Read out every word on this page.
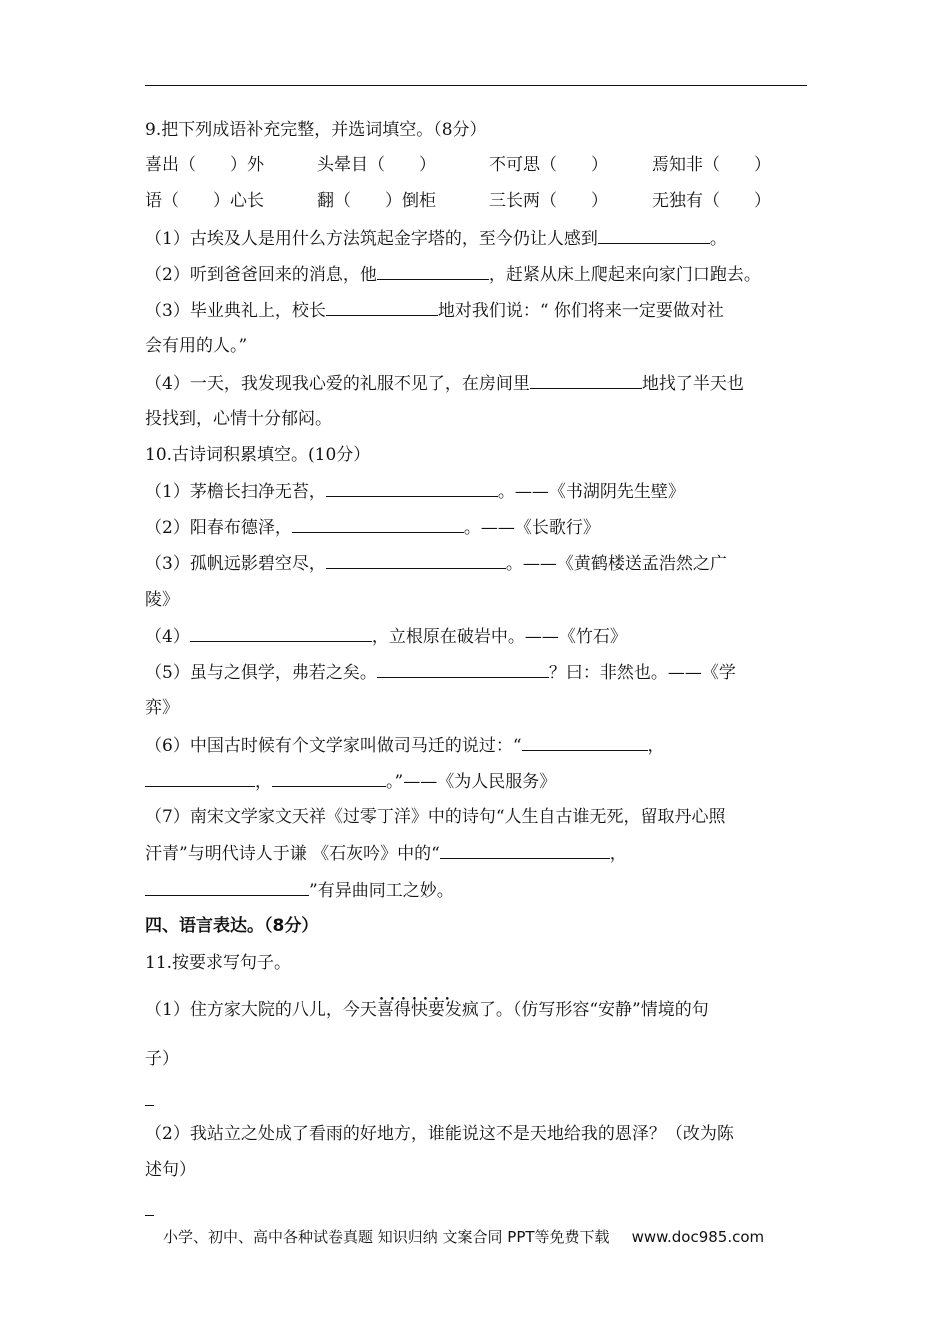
9.把下列成语补充完整，并选词填空。（8分）
喜出（　　）外	头晕目（　　）	不可思（　　）	焉知非（　　）
语（　　）心长	翻（　　）倒柜	三长两（　　）	无独有（　　）
（1）古埃及人是用什么方法筑起金字塔的，至今仍让人感到	。
（2）听到爸爸回来的消息，他	，赶紧从床上爬起来向家门口跑去。
（3）毕业典礼上，校长	地对我们说：“ 你们将来一定要做对社
会有用的人。”
（4）一天，我发现我心爱的礼服不见了，在房间里	地找了半天也
投找到，心情十分郁闷。
10.古诗词积累填空。(10分）
（1）茅檐长扫净无苔，	。——《书湖阴先生壁》
（2）阳春布德泽，	。——《长歌行》
（3）孤帆远影碧空尽，	。——《黄鹤楼送孟浩然之广
陵》
（4）	，立根原在破岩中。——《竹石》
（5）虽与之俱学，弗若之矣。	？曰：非然也。——《学
弈》
（6）中国古时候有个文学家叫做司马迁的说过：“	，
，	。”——《为人民服务》
（7）南宋文学家文天祥《过零丁洋》中的诗句“人生自古谁无死，留取丹心照
汗青”与明代诗人于谦 《石灰吟》中的“	，
”有异曲同工之妙。
四、语言表达。（8分）
11.按要求写句子。
（1）住方家大院的八儿，今天• • • 喜得快要发疯了。（仿写形容“安静”情境的句
子）
（2）我站立之处成了看雨的好地方，谁能说这不是天地给我的恩泽？（改为陈
述句）
小学、初中、高中各种试卷真题 知识归纳 文案合同 PPT等免费下载 www.doc985.com
